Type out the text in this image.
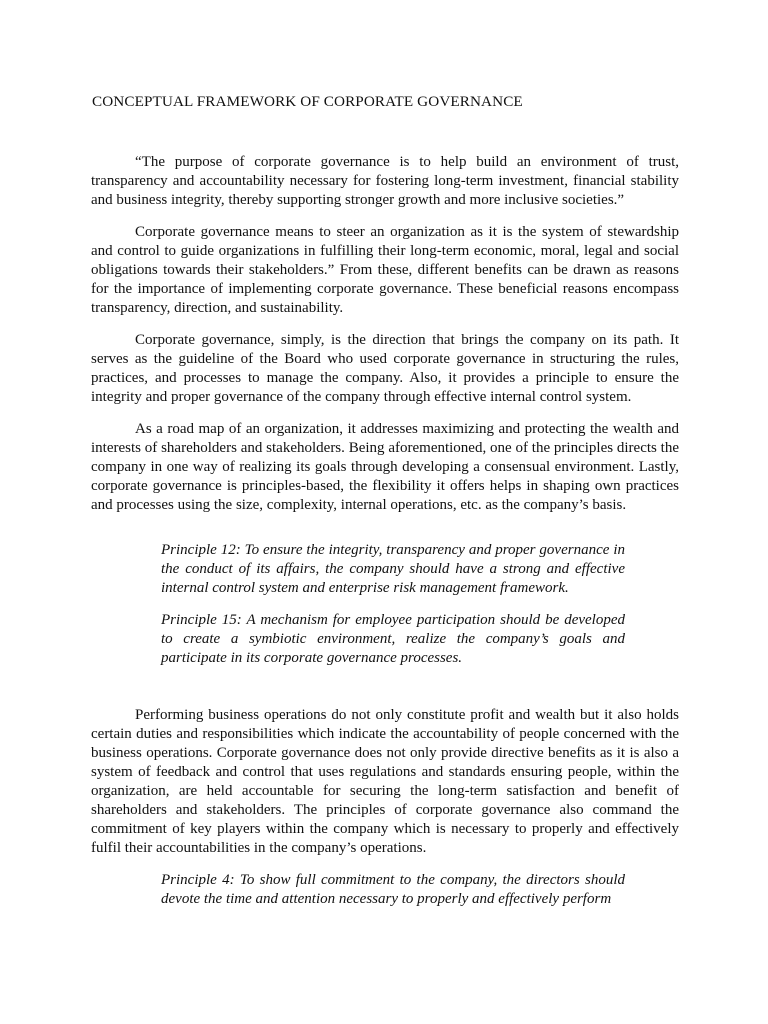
CONCEPTUAL FRAMEWORK OF CORPORATE GOVERNANCE

“The purpose of corporate governance is to help build an environment of trust, transparency and accountability necessary for fostering long-term investment, financial stability and business integrity, thereby supporting stronger growth and more inclusive societies.”

Corporate governance means to steer an organization as it is the system of stewardship and control to guide organizations in fulfilling their long-term economic, moral, legal and social obligations towards their stakeholders.” From these, different benefits can be drawn as reasons for the importance of implementing corporate governance. These beneficial reasons encompass transparency, direction, and sustainability.

Corporate governance, simply, is the direction that brings the company on its path. It serves as the guideline of the Board who used corporate governance in structuring the rules, practices, and processes to manage the company. Also, it provides a principle to ensure the integrity and proper governance of the company through effective internal control system.

As a road map of an organization, it addresses maximizing and protecting the wealth and interests of shareholders and stakeholders. Being aforementioned, one of the principles directs the company in one way of realizing its goals through developing a consensual environment. Lastly, corporate governance is principles-based, the flexibility it offers helps in shaping own practices and processes using the size, complexity, internal operations, etc. as the company’s basis.

Principle 12: To ensure the integrity, transparency and proper governance in the conduct of its affairs, the company should have a strong and effective internal control system and enterprise risk management framework.

Principle 15: A mechanism for employee participation should be developed to create a symbiotic environment, realize the company’s goals and participate in its corporate governance processes.

Performing business operations do not only constitute profit and wealth but it also holds certain duties and responsibilities which indicate the accountability of people concerned with the business operations. Corporate governance does not only provide directive benefits as it is also a system of feedback and control that uses regulations and standards ensuring people, within the organization, are held accountable for securing the long-term satisfaction and benefit of shareholders and stakeholders. The principles of corporate governance also command the commitment of key players within the company which is necessary to properly and effectively fulfil their accountabilities in the company’s operations.

Principle 4: To show full commitment to the company, the directors should devote the time and attention necessary to properly and effectively perform
